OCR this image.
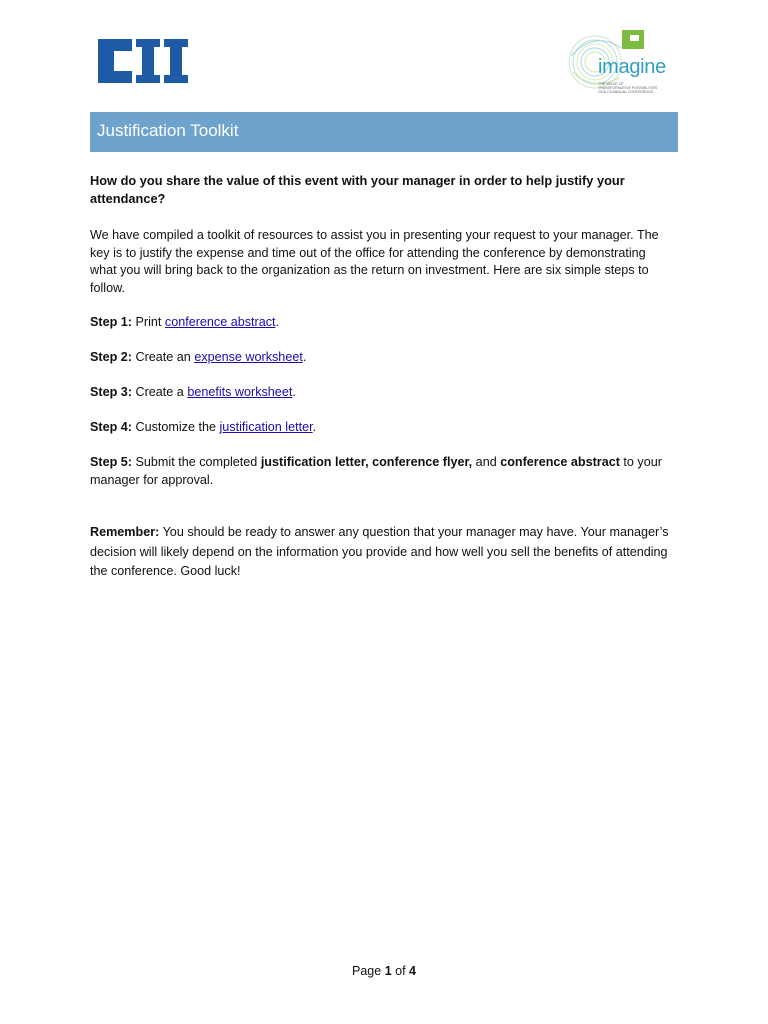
imagine
THE VALUE OF
TRANSFORMATIVE POSSIBILITIES
2016 CII ANNUAL CONFERENCE
Justification Toolkit

How do you share the value of this event with your manager in order to help justify your attendance?

We have compiled a toolkit of resources to assist you in presenting your request to your manager. The key is to justify the expense and time out of the office for attending the conference by demonstrating what you will bring back to the organization as the return on investment. Here are six simple steps to follow.

Step 1: Print conference abstract.

Step 2: Create an expense worksheet.

Step 3: Create a benefits worksheet.

Step 4: Customize the justification letter.

Step 5: Submit the completed justification letter, conference flyer, and conference abstract to your manager for approval.

Remember: You should be ready to answer any question that your manager may have. Your manager’s decision will likely depend on the information you provide and how well you sell the benefits of attending the conference. Good luck!

Page 1 of 4
